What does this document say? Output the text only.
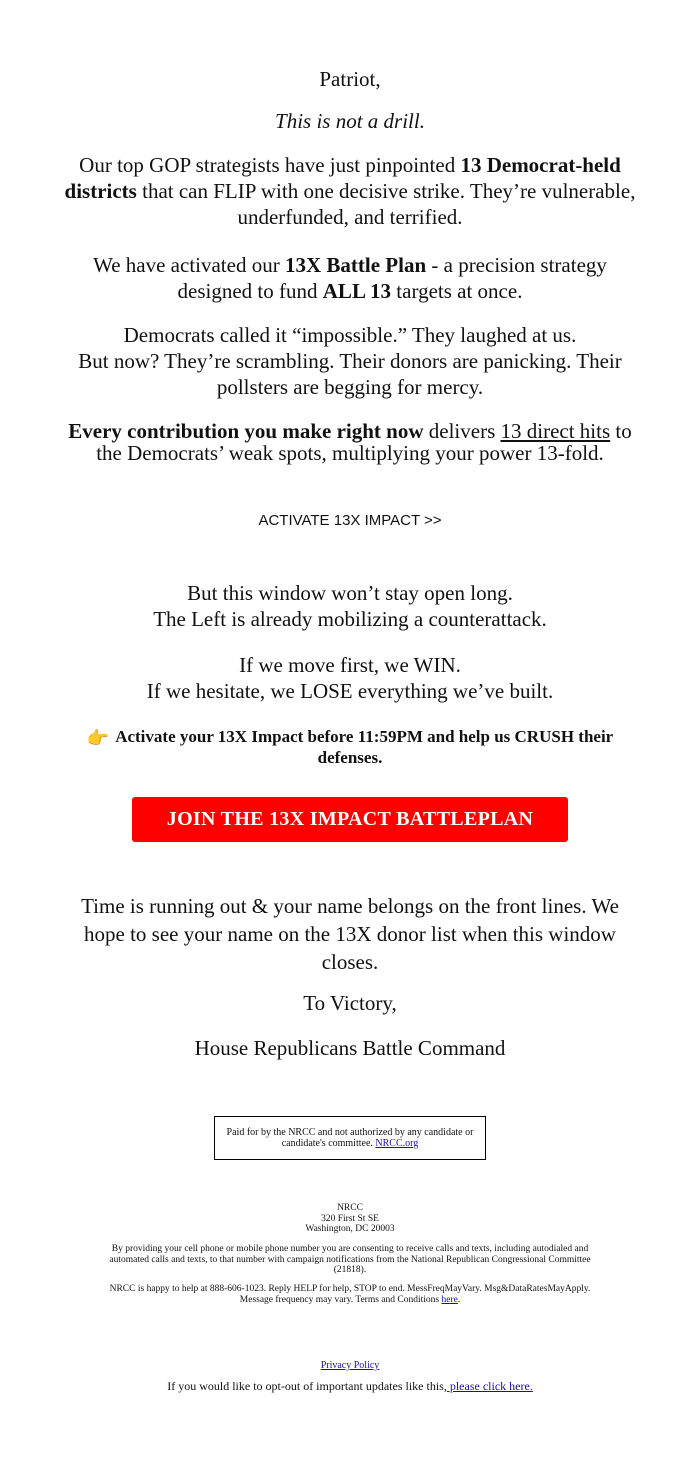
Patriot,

This is not a drill.

Our top GOP strategists have just pinpointed 13 Democrat-held districts that can FLIP with one decisive strike. They’re vulnerable, underfunded, and terrified.

We have activated our 13X Battle Plan - a precision strategy designed to fund ALL 13 targets at once.

Democrats called it “impossible.” They laughed at us.
But now? They’re scrambling. Their donors are panicking. Their pollsters are begging for mercy.

Every contribution you make right now delivers 13 direct hits to the Democrats’ weak spots, multiplying your power 13-fold.

ACTIVATE 13X IMPACT >>

But this window won’t stay open long.
The Left is already mobilizing a counterattack.

If we move first, we WIN.
If we hesitate, we LOSE everything we’ve built.

👉 Activate your 13X Impact before 11:59PM and help us CRUSH their defenses.

JOIN THE 13X IMPACT BATTLEPLAN

Time is running out & your name belongs on the front lines. We hope to see your name on the 13X donor list when this window closes.

To Victory,

House Republicans Battle Command

Paid for by the NRCC and not authorized by any candidate or candidate's committee. NRCC.org

NRCC
320 First St SE
Washington, DC 20003

By providing your cell phone or mobile phone number you are consenting to receive calls and texts, including autodialed and automated calls and texts, to that number with campaign notifications from the National Republican Congressional Committee (21818).

NRCC is happy to help at 888-606-1023. Reply HELP for help, STOP to end. MessFreqMayVary. Msg&DataRatesMayApply. Message frequency may vary. Terms and Conditions here.

Privacy Policy

If you would like to opt-out of important updates like this, please click here.
